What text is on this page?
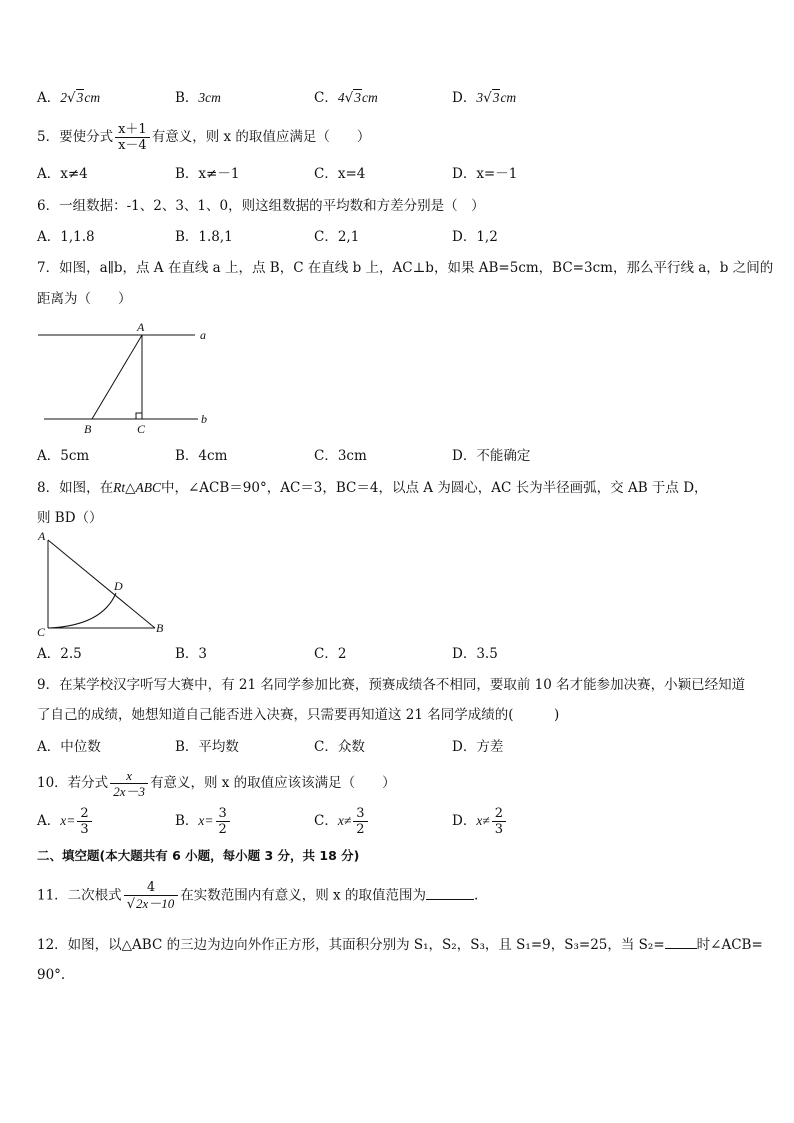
A．2√3cm	B．3cm	C．4√3cm	D．3√3cm
5．要使分式 $\frac{x+1}{x-4}$ 有意义，则 x 的取值应满足（　　）
A．x≠4	B．x≠－1	C．x=4	D．x=－1
6．一组数据：-1、2、3、1、0，则这组数据的平均数和方差分别是（　）
A．1,1.8	B．1.8,1	C．2,1	D．1,2
7．如图，a∥b，点 A 在直线 a 上，点 B，C 在直线 b 上，AC⊥b，如果 AB=5cm，BC=3cm，那么平行线 a，b 之间的
距离为（　　）
A
a
B	C
b
A．5cm	B．4cm	C．3cm	D．不能确定
8．如图，在Rt△ABC中，∠ACB＝90°，AC＝3，BC＝4，以点 A 为圆心，AC 长为半径画弧，交 AB 于点 D，
则 BD（）
A
D
C	B
A．2.5	B．3	C．2	D．3.5
9．在某学校汉字听写大赛中，有 21 名同学参加比赛，预赛成绩各不相同，要取前 10 名才能参加决赛，小颖已经知道
了自己的成绩，她想知道自己能否进入决赛，只需要再知道这 21 名同学成绩的(　　　)
A．中位数	B．平均数	C．众数	D．方差
10．若分式 $\frac{x}{2x-3}$ 有意义，则 x 的取值应该该满足（　　）
A．$x= \frac{2}{3}$	B．$x= \frac{3}{2}$	C．$x\ne \frac{3}{2}$	D．$x\ne \frac{2}{3}$
二、填空题(本大题共有 6 小题，每小题 3 分，共 18 分)
11．二次根式 $\frac{4}{√2x-10}$ 在实数范围内有意义，则 x 的取值范围为	.
12．如图，以△ABC 的三边为边向外作正方形，其面积分别为 S₁，S₂，S₃，且 S₁=9，S₃=25，当 S₂= 时∠ACB=
90°.
